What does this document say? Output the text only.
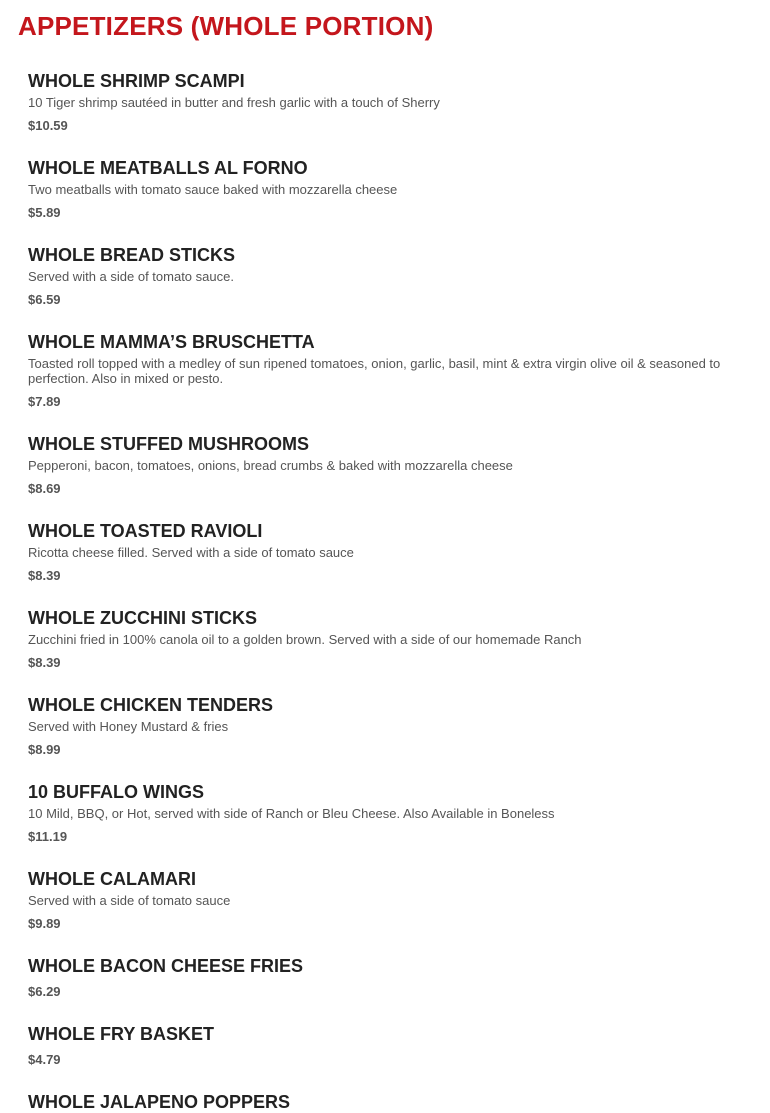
APPETIZERS (WHOLE PORTION)
WHOLE SHRIMP SCAMPI
10 Tiger shrimp sautéed in butter and fresh garlic with a touch of Sherry
$10.59
WHOLE MEATBALLS AL FORNO
Two meatballs with tomato sauce baked with mozzarella cheese
$5.89
WHOLE BREAD STICKS
Served with a side of tomato sauce.
$6.59
WHOLE MAMMA’S BRUSCHETTA
Toasted roll topped with a medley of sun ripened tomatoes, onion, garlic, basil, mint & extra virgin olive oil & seasoned to perfection. Also in mixed or pesto.
$7.89
WHOLE STUFFED MUSHROOMS
Pepperoni, bacon, tomatoes, onions, bread crumbs & baked with mozzarella cheese
$8.69
WHOLE TOASTED RAVIOLI
Ricotta cheese filled. Served with a side of tomato sauce
$8.39
WHOLE ZUCCHINI STICKS
Zucchini fried in 100% canola oil to a golden brown. Served with a side of our homemade Ranch
$8.39
WHOLE CHICKEN TENDERS
Served with Honey Mustard & fries
$8.99
10 BUFFALO WINGS
10 Mild, BBQ, or Hot, served with side of Ranch or Bleu Cheese. Also Available in Boneless
$11.19
WHOLE CALAMARI
Served with a side of tomato sauce
$9.89
WHOLE BACON CHEESE FRIES
$6.29
WHOLE FRY BASKET
$4.79
WHOLE JALAPENO POPPERS
